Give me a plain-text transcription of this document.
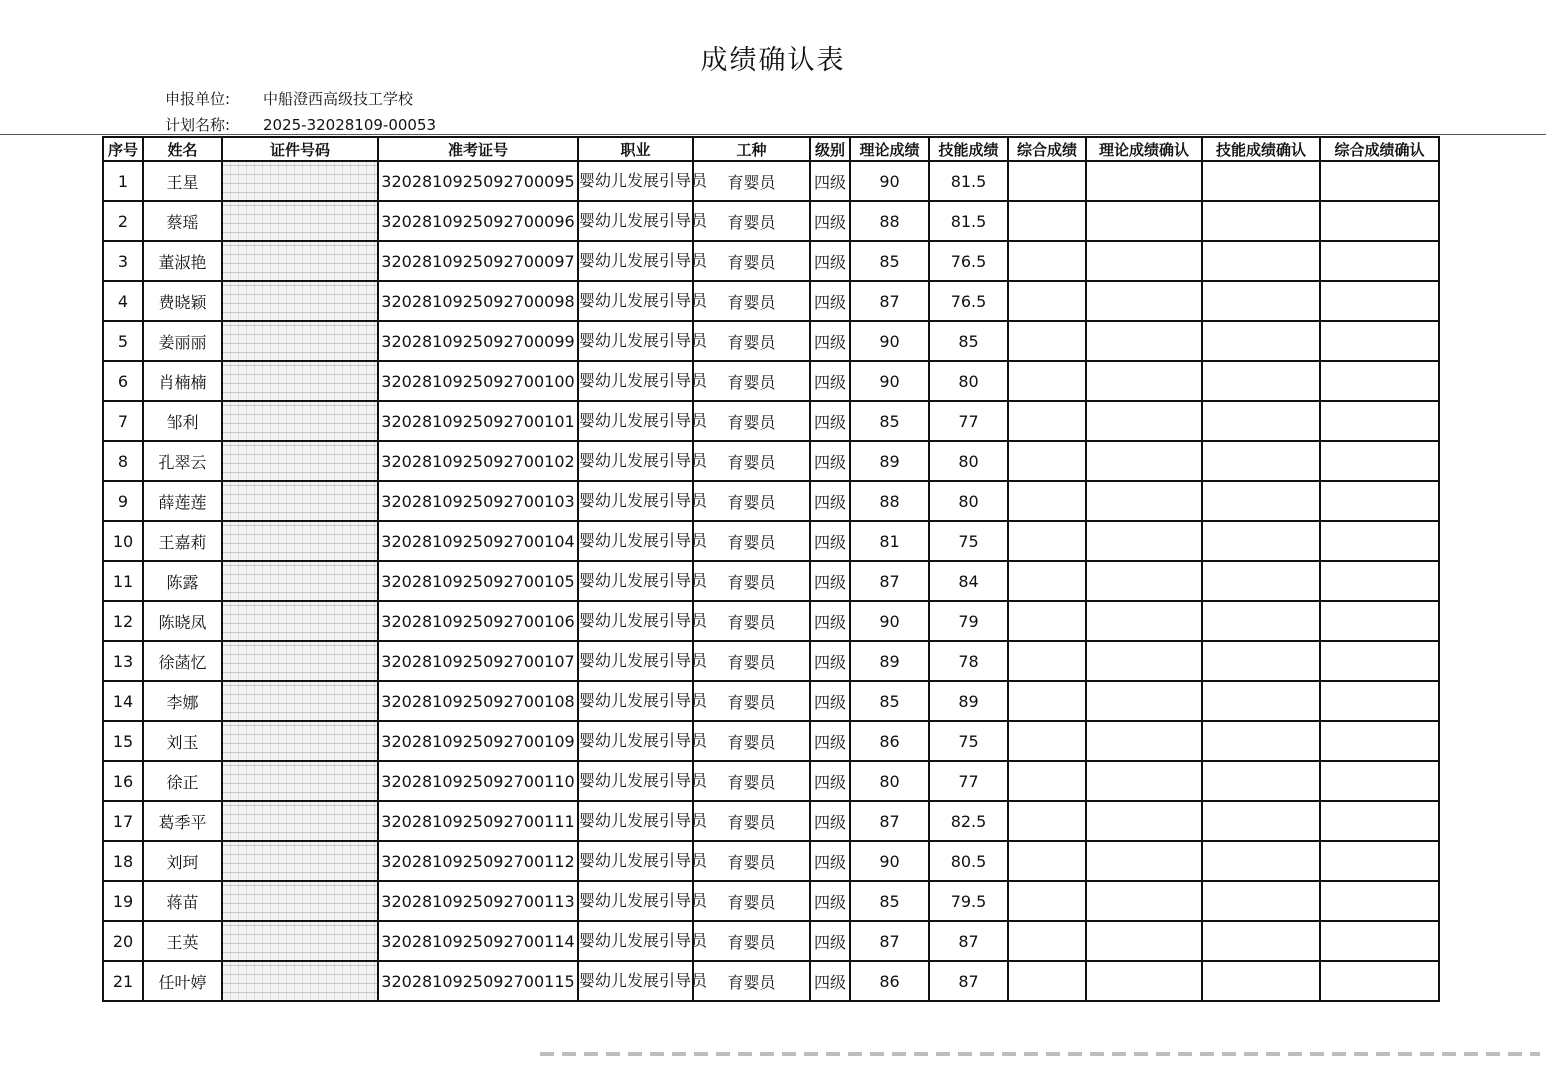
成绩确认表
申报单位: 中船澄西高级技工学校
计划名称: 2025-32028109-00053
序号	姓名	证件号码	准考证号	职业	工种	级别	理论成绩	技能成绩	综合成绩	理论成绩确认	技能成绩确认	综合成绩确认
1	王星		3202810925092700095	婴幼儿发展引导员	育婴员	四级	90	81.5				
2	蔡瑶		3202810925092700096	婴幼儿发展引导员	育婴员	四级	88	81.5				
3	董淑艳		3202810925092700097	婴幼儿发展引导员	育婴员	四级	85	76.5				
4	费晓颖		3202810925092700098	婴幼儿发展引导员	育婴员	四级	87	76.5				
5	姜丽丽		3202810925092700099	婴幼儿发展引导员	育婴员	四级	90	85				
6	肖楠楠		3202810925092700100	婴幼儿发展引导员	育婴员	四级	90	80				
7	邹利		3202810925092700101	婴幼儿发展引导员	育婴员	四级	85	77				
8	孔翠云		3202810925092700102	婴幼儿发展引导员	育婴员	四级	89	80				
9	薛莲莲		3202810925092700103	婴幼儿发展引导员	育婴员	四级	88	80				
10	王嘉莉		3202810925092700104	婴幼儿发展引导员	育婴员	四级	81	75				
11	陈露		3202810925092700105	婴幼儿发展引导员	育婴员	四级	87	84				
12	陈晓凤		3202810925092700106	婴幼儿发展引导员	育婴员	四级	90	79				
13	徐菡忆		3202810925092700107	婴幼儿发展引导员	育婴员	四级	89	78				
14	李娜		3202810925092700108	婴幼儿发展引导员	育婴员	四级	85	89				
15	刘玉		3202810925092700109	婴幼儿发展引导员	育婴员	四级	86	75				
16	徐正		3202810925092700110	婴幼儿发展引导员	育婴员	四级	80	77				
17	葛季平		3202810925092700111	婴幼儿发展引导员	育婴员	四级	87	82.5				
18	刘珂		3202810925092700112	婴幼儿发展引导员	育婴员	四级	90	80.5				
19	蒋苗		3202810925092700113	婴幼儿发展引导员	育婴员	四级	85	79.5				
20	王英		3202810925092700114	婴幼儿发展引导员	育婴员	四级	87	87				
21	任叶婷		3202810925092700115	婴幼儿发展引导员	育婴员	四级	86	87				
